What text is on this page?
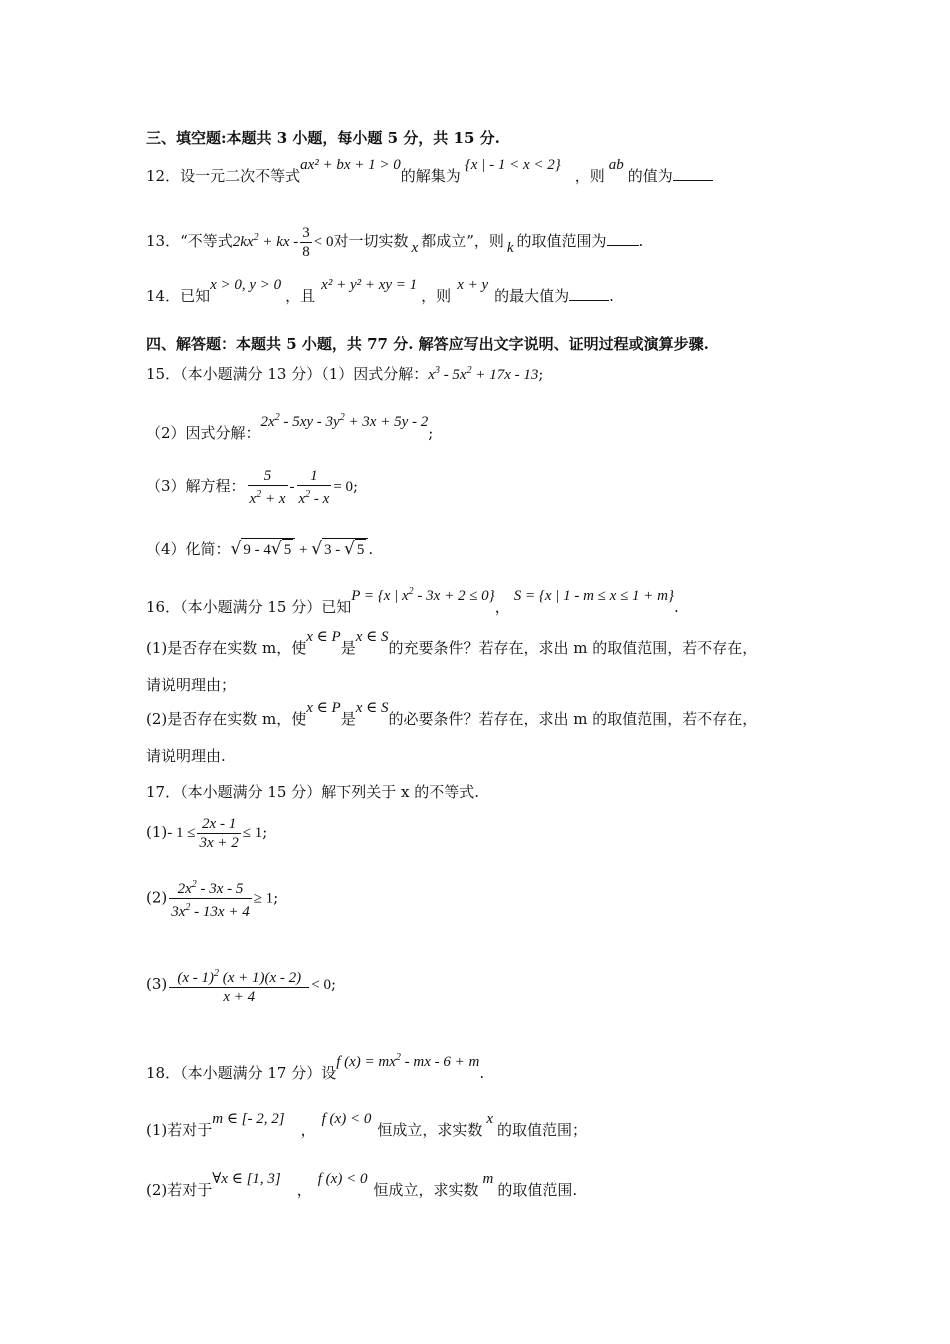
三、填空题:本题共 3 小题，每小题 5 分，共 15 分.
12．设一元二次不等式ax² + bx + 1 > 0的解集为{x | - 1 < x < 2}，则ab的值为
13．“不等式$2kx^2$ + kx - $\frac{3}{8} < 0$对一切实数 x 都成立”，则 k 的取值范围为 .
14．已知x > 0, y > 0，且x² + y² + xy = 1，则x + y的最大值为	.
四、解答题：本题共 5 小题，共 77 分. 解答应写出文字说明、证明过程或演算步骤.
15．（本小题满分 13 分）（1）因式分解：$x^3 - 5x^2 + 17x - 13$;
（2）因式分解：$2x^2 - 5xy - 3y^2 + 3x + 5y - 2$;
（3）解方程： $\frac{5}{x^2 + x} - \frac{1}{x^2 - x} = 0$;
（4）化简：√ 9 - 4√ 5 + √ 3 - √ 5 .
16．（本小题满分 15 分）已知P = {x | $x^2 - 3x + 2 \le 0$}，S = {x | 1 - m ≤ x ≤ 1 + m}.
(1)是否存在实数 m，使x ∈ P是x ∈ S的充要条件？若存在，求出 m 的取值范围，若不存在，
请说明理由；
(2)是否存在实数 m，使x ∈ P是x ∈ S的必要条件？若存在，求出 m 的取值范围，若不存在，
请说明理由.
17．（本小题满分 15 分）解下列关于 x 的不等式.
(1)- $1 \le \frac{2x - 1}{3x + 2} \le 1$;
$(2) \frac{2x^2 - 3x - 5}{3x^2 - 13x + 4} \ge 1$;
$(3) \frac{(x - 1)^2 (x + 1)(x - 2)}{x + 4} < 0$;
18．（本小题满分 17 分）设f $(x) = mx^2$ - mx - 6 + m.
(1)若对于m ∈ [- 2, 2]，f (x) < 0恒成立，求实数x的取值范围；
(2)若对于∀x ∈ [1, 3]，f (x) < 0恒成立，求实数m的取值范围.
